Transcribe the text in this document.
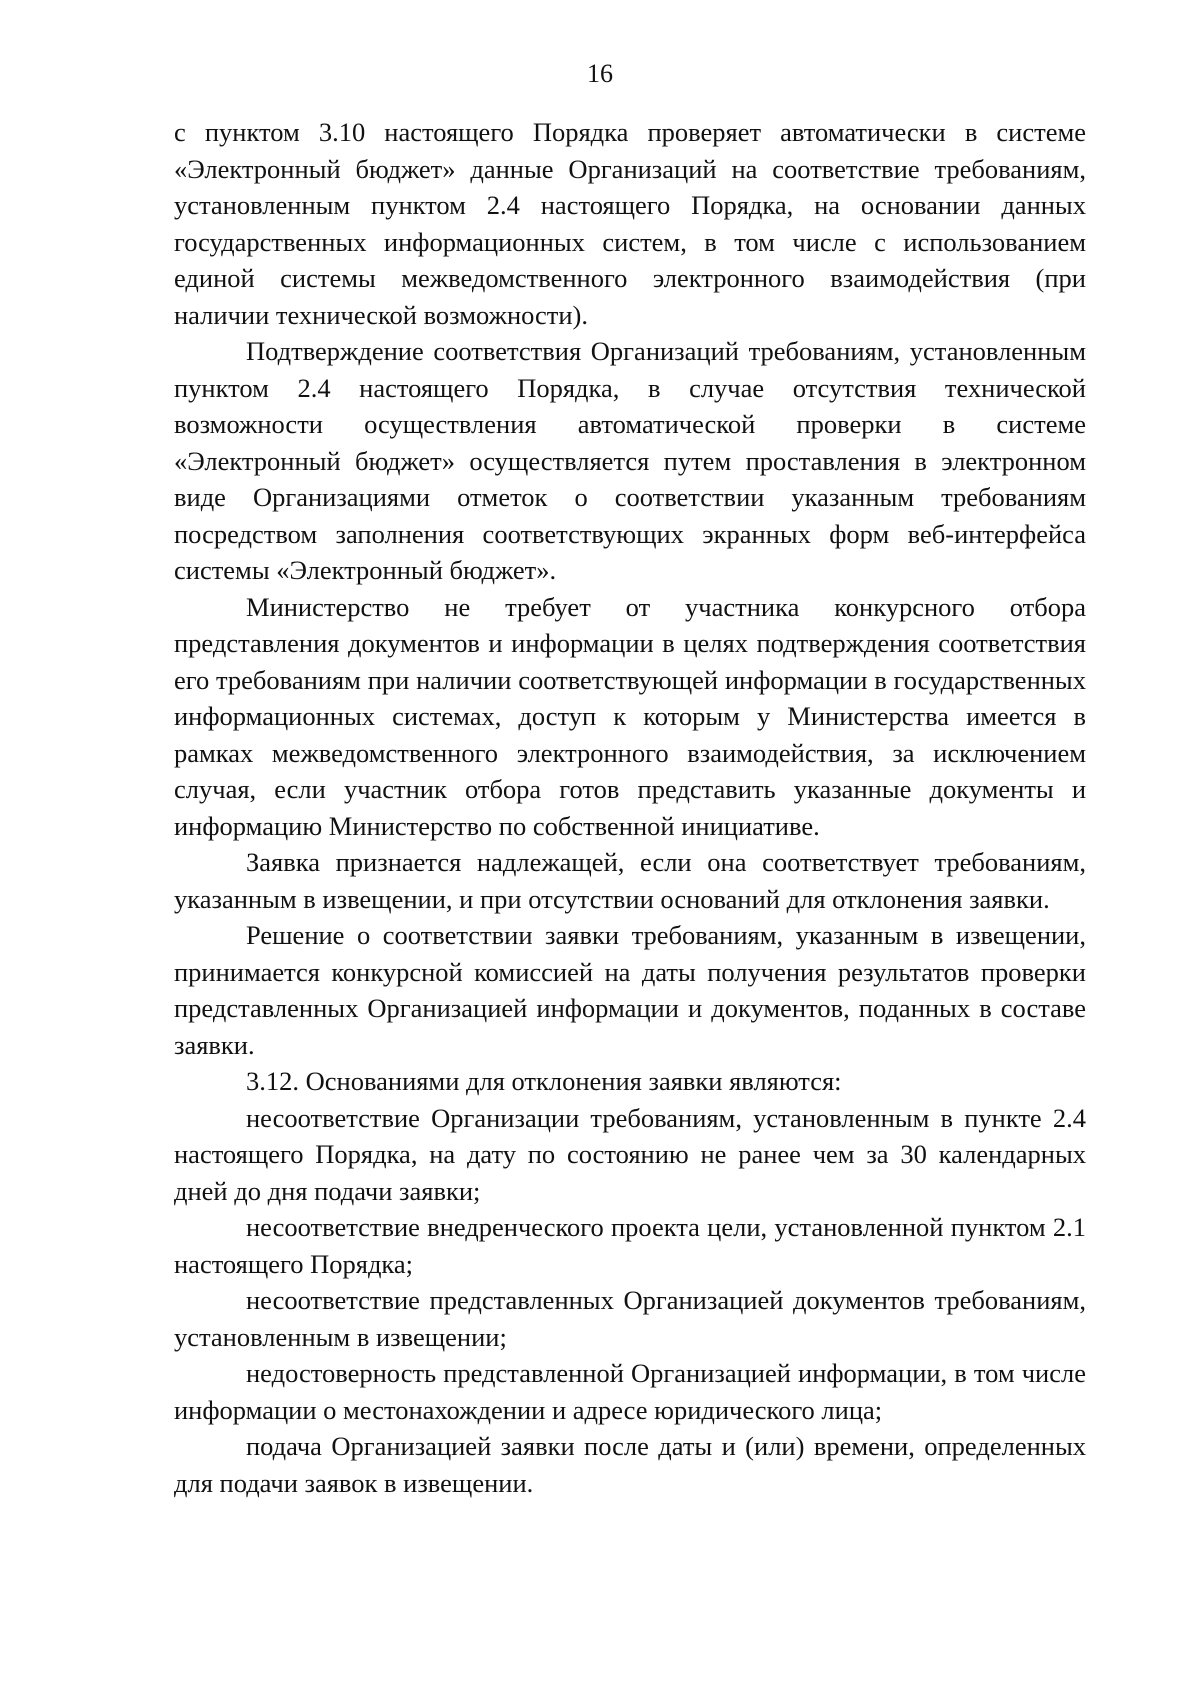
16

с пунктом 3.10 настоящего Порядка проверяет автоматически в системе «Электронный бюджет» данные Организаций на соответствие требованиям, установленным пунктом 2.4 настоящего Порядка, на основании данных государственных информационных систем, в том числе с использованием единой системы межведомственного электронного взаимодействия (при наличии технической возможности).

Подтверждение соответствия Организаций требованиям, установленным пунктом 2.4 настоящего Порядка, в случае отсутствия технической возможности осуществления автоматической проверки в системе «Электронный бюджет» осуществляется путем проставления в электронном виде Организациями отметок о соответствии указанным требованиям посредством заполнения соответствующих экранных форм веб-интерфейса системы «Электронный бюджет».

Министерство не требует от участника конкурсного отбора представления документов и информации в целях подтверждения соответствия его требованиям при наличии соответствующей информации в государственных информационных системах, доступ к которым у Министерства имеется в рамках межведомственного электронного взаимодействия, за исключением случая, если участник отбора готов представить указанные документы и информацию Министерство по собственной инициативе.

Заявка признается надлежащей, если она соответствует требованиям, указанным в извещении, и при отсутствии оснований для отклонения заявки.

Решение о соответствии заявки требованиям, указанным в извещении, принимается конкурсной комиссией на даты получения результатов проверки представленных Организацией информации и документов, поданных в составе заявки.

3.12. Основаниями для отклонения заявки являются:

несоответствие Организации требованиям, установленным в пункте 2.4 настоящего Порядка, на дату по состоянию не ранее чем за 30 календарных дней до дня подачи заявки;

несоответствие внедренческого проекта цели, установленной пунктом 2.1 настоящего Порядка;

несоответствие представленных Организацией документов требованиям, установленным в извещении;

недостоверность представленной Организацией информации, в том числе информации о местонахождении и адресе юридического лица;

подача Организацией заявки после даты и (или) времени, определенных для подачи заявок в извещении.
